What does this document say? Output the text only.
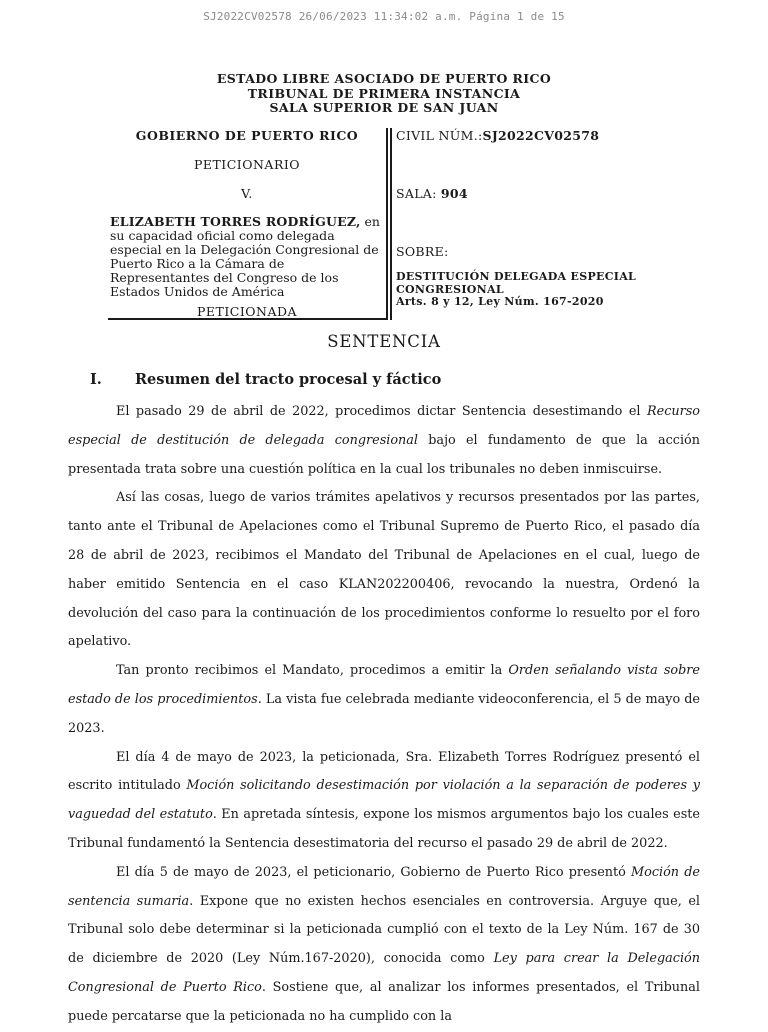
SJ2022CV02578 26/06/2023 11:34:02 a.m. Página 1 de 15
ESTADO LIBRE ASOCIADO DE PUERTO RICO
TRIBUNAL DE PRIMERA INSTANCIA
SALA SUPERIOR DE SAN JUAN
GOBIERNO DE PUERTO RICO
PETICIONARIO
V.
ELIZABETH TORRES RODRÍGUEZ, en su capacidad oficial como delegada especial en la Delegación Congresional de Puerto Rico a la Cámara de Representantes del Congreso de los Estados Unidos de América
PETICIONADA
CIVIL NÚM.:SJ2022CV02578
SALA: 904
SOBRE:
DESTITUCIÓN DELEGADA ESPECIAL
CONGRESIONAL
Arts. 8 y 12, Ley Núm. 167-2020
SENTENCIA
I. Resumen del tracto procesal y fáctico

El pasado 29 de abril de 2022, procedimos dictar Sentencia desestimando el Recurso especial de destitución de delegada congresional bajo el fundamento de que la acción presentada trata sobre una cuestión política en la cual los tribunales no deben inmiscuirse.

Así las cosas, luego de varios trámites apelativos y recursos presentados por las partes, tanto ante el Tribunal de Apelaciones como el Tribunal Supremo de Puerto Rico, el pasado día 28 de abril de 2023, recibimos el Mandato del Tribunal de Apelaciones en el cual, luego de haber emitido Sentencia en el caso KLAN202200406, revocando la nuestra, Ordenó la devolución del caso para la continuación de los procedimientos conforme lo resuelto por el foro apelativo.

Tan pronto recibimos el Mandato, procedimos a emitir la Orden señalando vista sobre estado de los procedimientos. La vista fue celebrada mediante videoconferencia, el 5 de mayo de 2023.

El día 4 de mayo de 2023, la peticionada, Sra. Elizabeth Torres Rodríguez presentó el escrito intitulado Moción solicitando desestimación por violación a la separación de poderes y vaguedad del estatuto. En apretada síntesis, expone los mismos argumentos bajo los cuales este Tribunal fundamentó la Sentencia desestimatoria del recurso el pasado 29 de abril de 2022.

El día 5 de mayo de 2023, el peticionario, Gobierno de Puerto Rico presentó Moción de sentencia sumaria. Expone que no existen hechos esenciales en controversia. Arguye que, el Tribunal solo debe determinar si la peticionada cumplió con el texto de la Ley Núm. 167 de 30 de diciembre de 2020 (Ley Núm.167-2020), conocida como Ley para crear la Delegación Congresional de Puerto Rico. Sostiene que, al analizar los informes presentados, el Tribunal puede percatarse que la peticionada no ha cumplido con la
